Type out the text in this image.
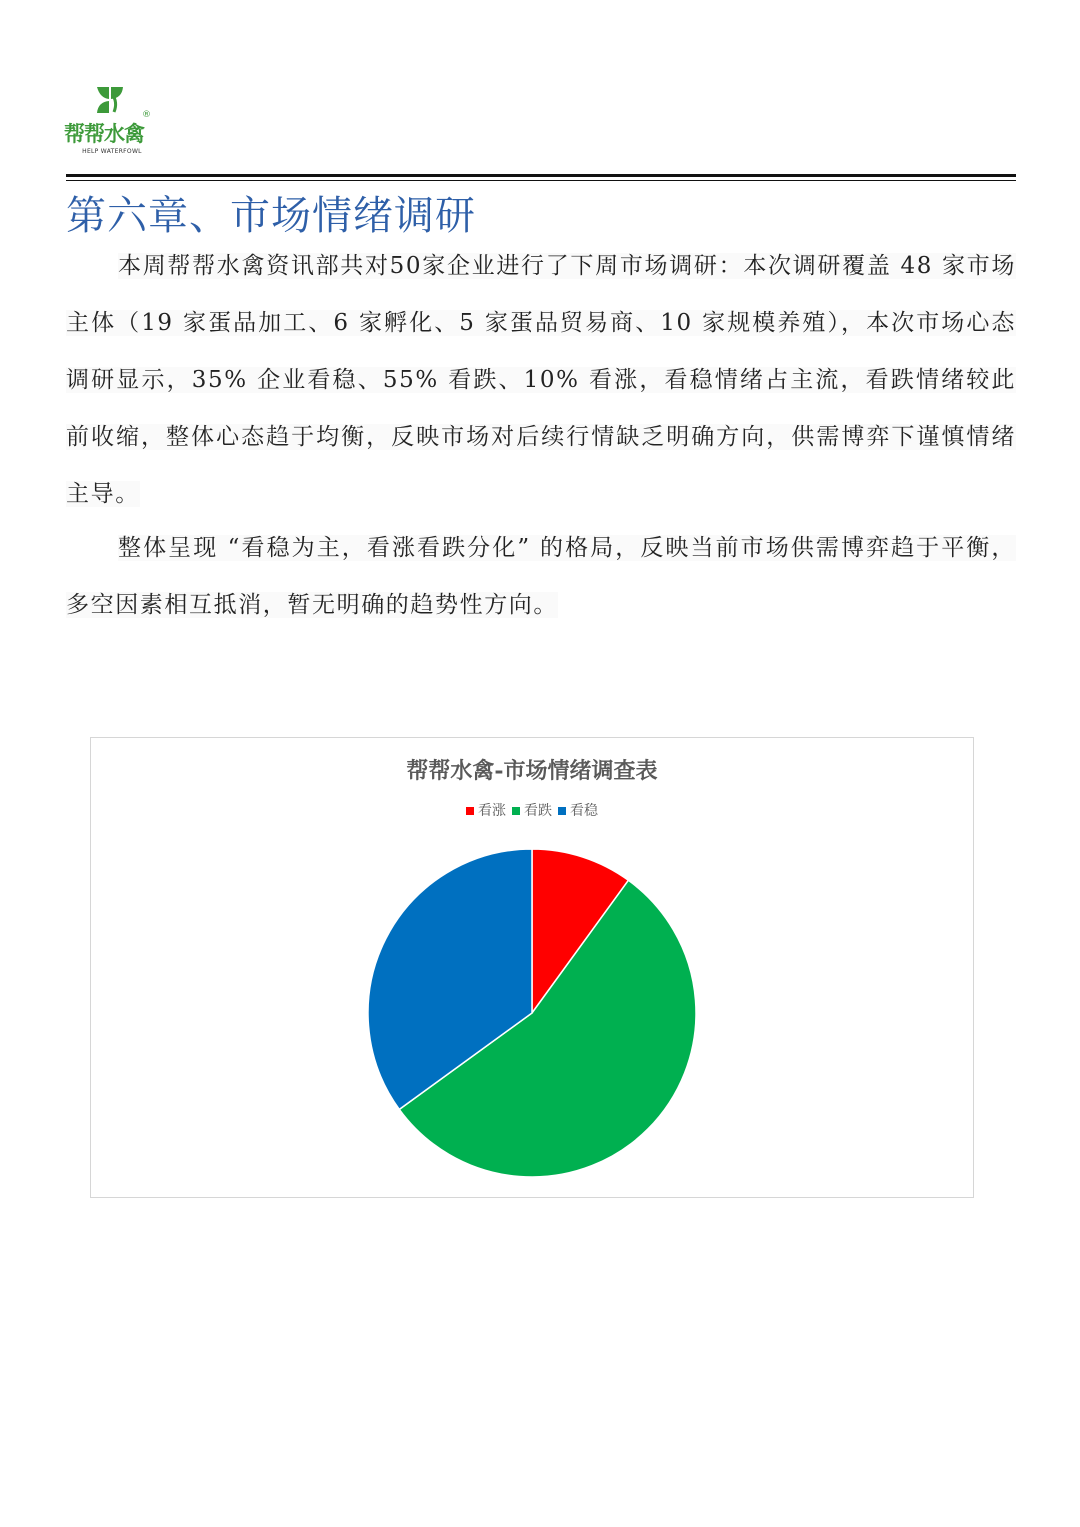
®
帮帮水禽
HELP WATERFOWL
第六章、市场情绪调研
本周帮帮水禽资讯部共对50家企业进行了下周市场调研：本次调研覆盖 48 家市场主体（19 家蛋品加工、6 家孵化、5 家蛋品贸易商、10 家规模养殖），本次市场心态调研显示，35% 企业看稳、55% 看跌、10% 看涨，看稳情绪占主流，看跌情绪较此前收缩，整体心态趋于均衡，反映市场对后续行情缺乏明确方向，供需博弈下谨慎情绪主导。
整体呈现 “看稳为主，看涨看跌分化” 的格局，反映当前市场供需博弈趋于平衡，多空因素相互抵消，暂无明确的趋势性方向。
帮帮水禽-市场情绪调查表
看涨 看跌 看稳
